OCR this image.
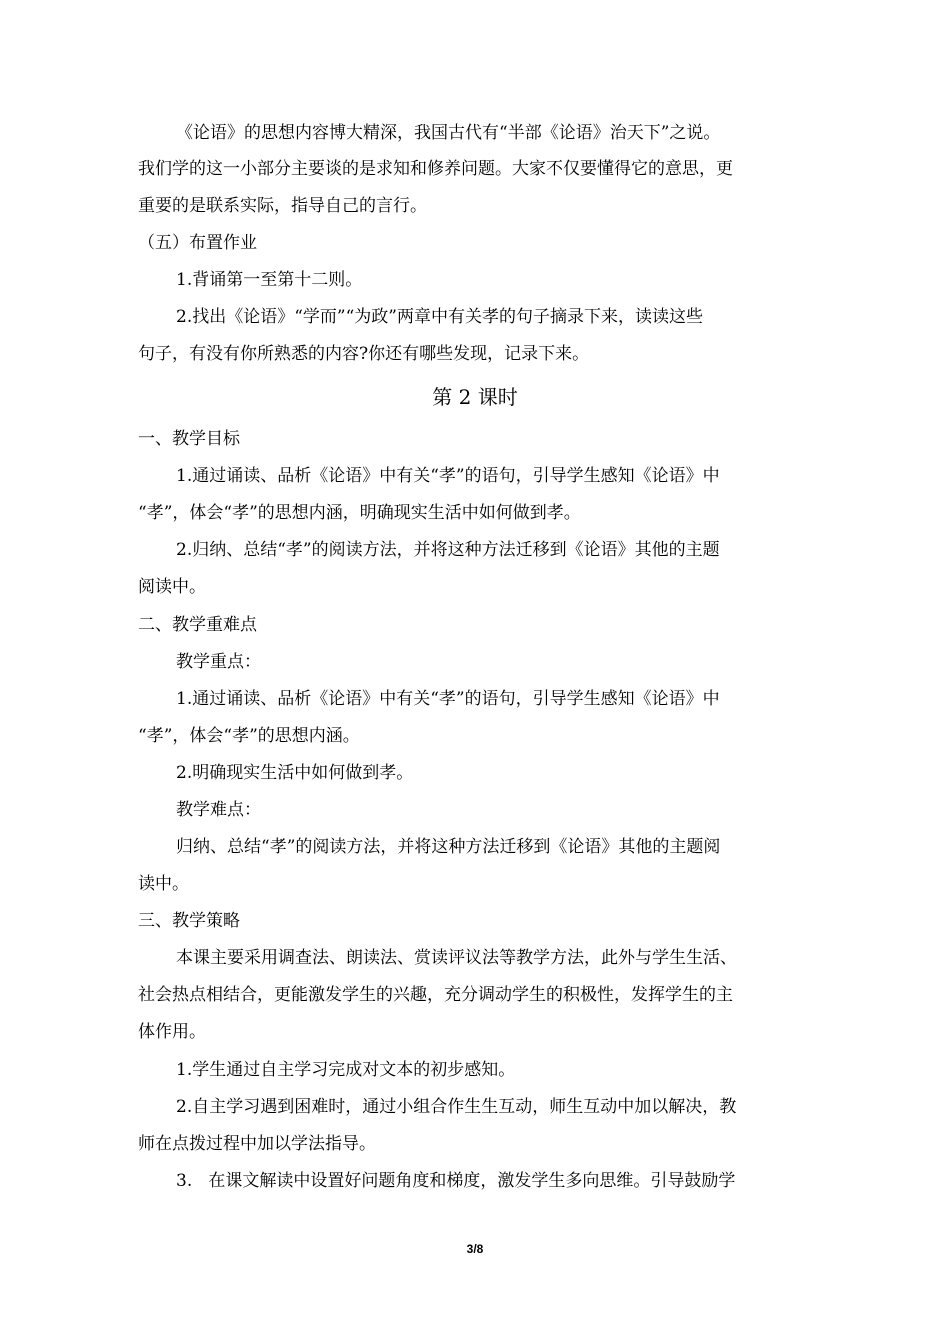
《论语》的思想内容博大精深，我国古代有“半部《论语》治天下”之说。
我们学的这一小部分主要谈的是求知和修养问题。大家不仅要懂得它的意思，更
重要的是联系实际，指导自己的言行。
（五）布置作业
1.背诵第一至第十二则。
2.找出《论语》“学而”“为政”两章中有关孝的句子摘录下来，读读这些
句子，有没有你所熟悉的内容?你还有哪些发现，记录下来。
第 2 课时
一、教学目标
1.通过诵读、品析《论语》中有关“孝”的语句，引导学生感知《论语》中
“孝”，体会“孝”的思想内涵，明确现实生活中如何做到孝。
2.归纳、总结“孝”的阅读方法，并将这种方法迁移到《论语》其他的主题
阅读中。
二、教学重难点
教学重点：
1.通过诵读、品析《论语》中有关“孝”的语句，引导学生感知《论语》中
“孝”，体会“孝”的思想内涵。
2.明确现实生活中如何做到孝。
教学难点：
归纳、总结“孝”的阅读方法，并将这种方法迁移到《论语》其他的主题阅
读中。
三、教学策略
本课主要采用调查法、朗读法、赏读评议法等教学方法，此外与学生生活、
社会热点相结合，更能激发学生的兴趣，充分调动学生的积极性，发挥学生的主
体作用。
1.学生通过自主学习完成对文本的初步感知。
2.自主学习遇到困难时，通过小组合作生生互动，师生互动中加以解决，教
师在点拨过程中加以学法指导。
3.   在课文解读中设置好问题角度和梯度，激发学生多向思维。引导鼓励学
3/8
